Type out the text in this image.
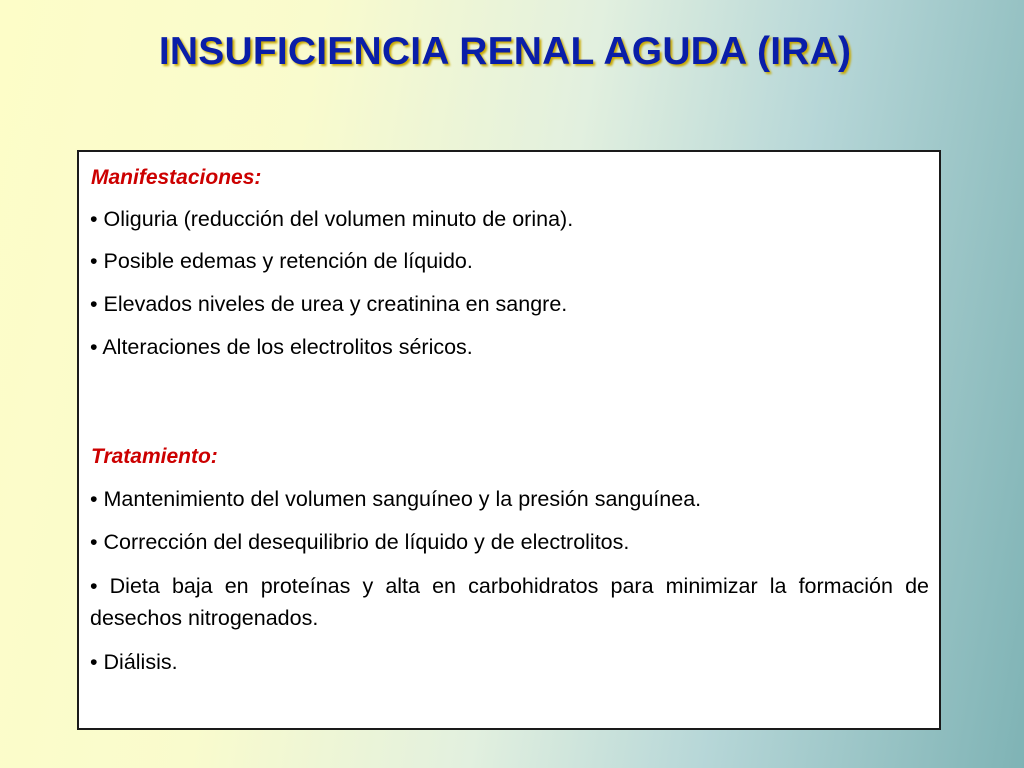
INSUFICIENCIA RENAL AGUDA (IRA)

Manifestaciones:

• Oliguria (reducción del volumen minuto de orina).

• Posible edemas y retención de líquido.

• Elevados niveles de urea y creatinina en sangre.

• Alteraciones de los electrolitos séricos.

Tratamiento:

• Mantenimiento del volumen sanguíneo y la presión sanguínea.

• Corrección del desequilibrio de líquido y de electrolitos.

• Dieta baja en proteínas y alta en carbohidratos para minimizar la formación de desechos nitrogenados.

• Diálisis.
